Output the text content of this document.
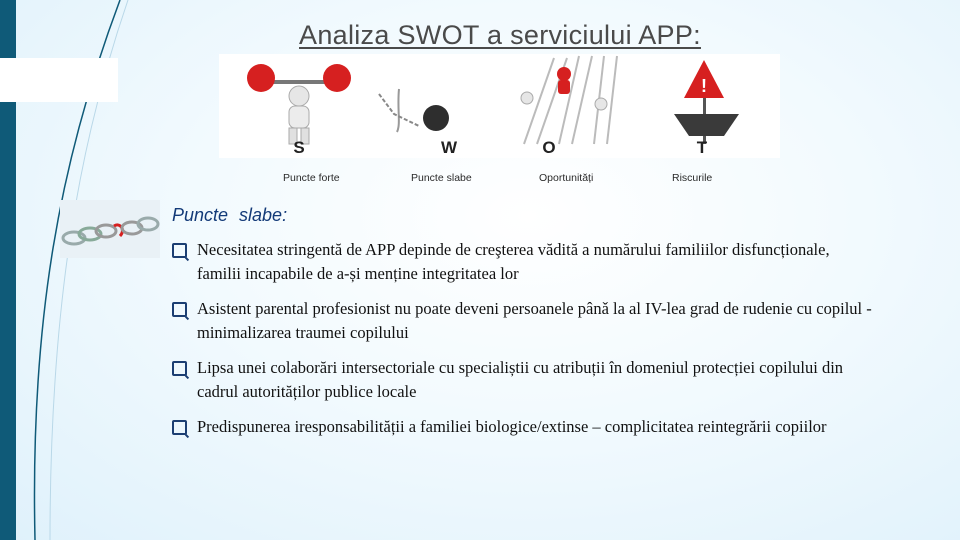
Analiza SWOT a serviciului APP:
!
S	W	O	T
Puncte forte	Puncte slabe	Oportunități	Riscurile
Puncte slabe:
Necesitatea stringentă de APP depinde de creşterea vădită a numărului familiilor disfuncționale, familii incapabile de a-și menține integritatea lor
Asistent parental profesionist nu poate deveni persoanele pânǎ la al IV-lea grad de rudenie cu copilul - minimalizarea traumei copilului
Lipsa unei colaborări intersectoriale cu specialiștii cu atribuții în domeniul protecției copilului din cadrul autorităților publice locale
Predispunerea iresponsabilității a familiei biologice/extinse – complicitatea reintegrării copiilor
